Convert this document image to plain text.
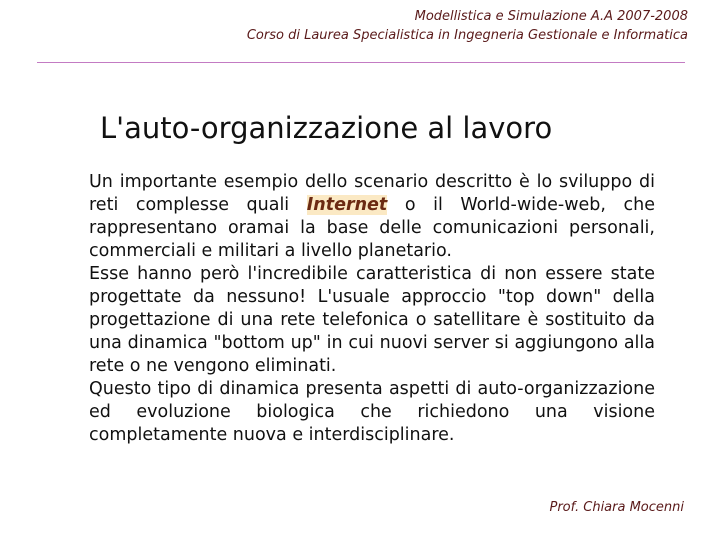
Modellistica e Simulazione A.A 2007-2008
Corso di Laurea Specialistica in Ingegneria Gestionale e Informatica
L'auto-organizzazione al lavoro

Un importante esempio dello scenario descritto è lo sviluppo di reti complesse quali Internet o il World-wide-web, che rappresentano oramai la base delle comunicazioni personali, commerciali e militari a livello planetario.

Esse hanno però l'incredibile caratteristica di non essere state progettate da nessuno! L'usuale approccio "top down" della progettazione di una rete telefonica o satellitare è sostituito da una dinamica "bottom up" in cui nuovi server si aggiungono alla rete o ne vengono eliminati.

Questo tipo di dinamica presenta aspetti di auto-organizzazione ed evoluzione biologica che richiedono una visione completamente nuova e interdisciplinare.

Prof. Chiara Mocenni
